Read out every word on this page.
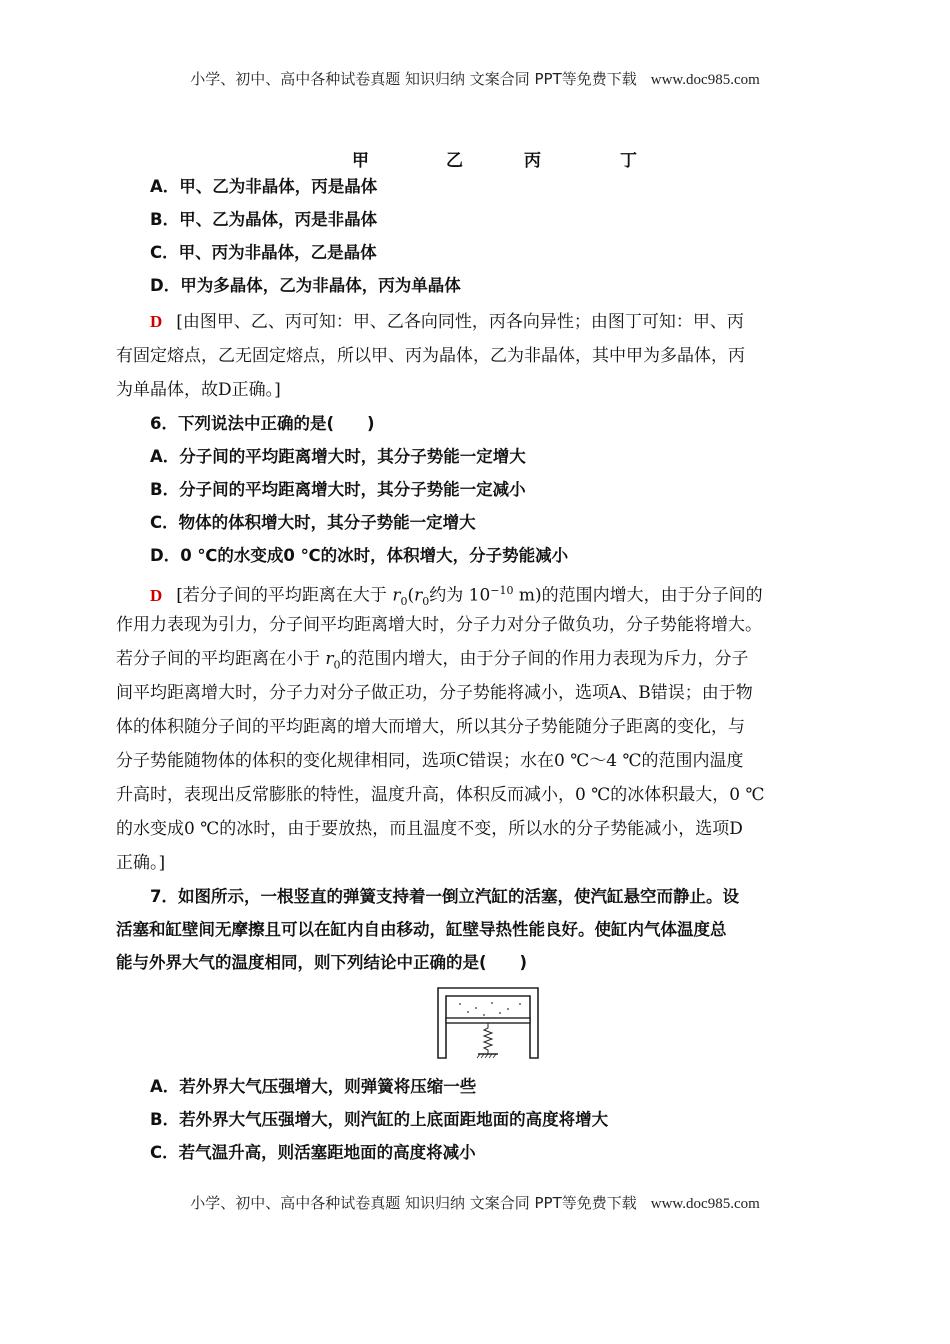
小学、初中、高中各种试卷真题 知识归纳 文案合同 PPT等免费下载 www.doc985.com
甲	乙	丙	丁
A．甲、乙为非晶体，丙是晶体
B．甲、乙为晶体，丙是非晶体
C．甲、丙为非晶体，乙是晶体
D．甲为多晶体，乙为非晶体，丙为单晶体
D [由图甲、乙、丙可知：甲、乙各向同性，丙各向异性；由图丁可知：甲、丙
有固定熔点，乙无固定熔点，所以甲、丙为晶体，乙为非晶体，其中甲为多晶体，丙
为单晶体，故D正确。]
6．下列说法中正确的是(　　)
A．分子间的平均距离增大时，其分子势能一定增大
B．分子间的平均距离增大时，其分子势能一定减小
C．物体的体积增大时，其分子势能一定增大
D．0 ℃的水变成0 ℃的冰时，体积增大，分子势能减小
D [若分子间的平均距离在大于 $r_0(r_0$约为 $10^{-10}$ m)的范围内增大，由于分子间的
作用力表现为引力，分子间平均距离增大时，分子力对分子做负功，分子势能将增大。
若分子间的平均距离在小于 $r_0$的范围内增大，由于分子间的作用力表现为斥力，分子
间平均距离增大时，分子力对分子做正功，分子势能将减小，选项A、B错误；由于物
体的体积随分子间的平均距离的增大而增大，所以其分子势能随分子距离的变化，与
分子势能随物体的体积的变化规律相同，选项C错误；水在0 ℃～4 ℃的范围内温度
升高时，表现出反常膨胀的特性，温度升高，体积反而减小，0 ℃的冰体积最大，0 ℃
的水变成0 ℃的冰时，由于要放热，而且温度不变，所以水的分子势能减小，选项D
正确。]
7．如图所示，一根竖直的弹簧支持着一倒立汽缸的活塞，使汽缸悬空而静止。设
活塞和缸壁间无摩擦且可以在缸内自由移动，缸壁导热性能良好。使缸内气体温度总
能与外界大气的温度相同，则下列结论中正确的是(　　)
A．若外界大气压强增大，则弹簧将压缩一些
B．若外界大气压强增大，则汽缸的上底面距地面的高度将增大
C．若气温升高，则活塞距地面的高度将减小
小学、初中、高中各种试卷真题 知识归纳 文案合同 PPT等免费下载 www.doc985.com
